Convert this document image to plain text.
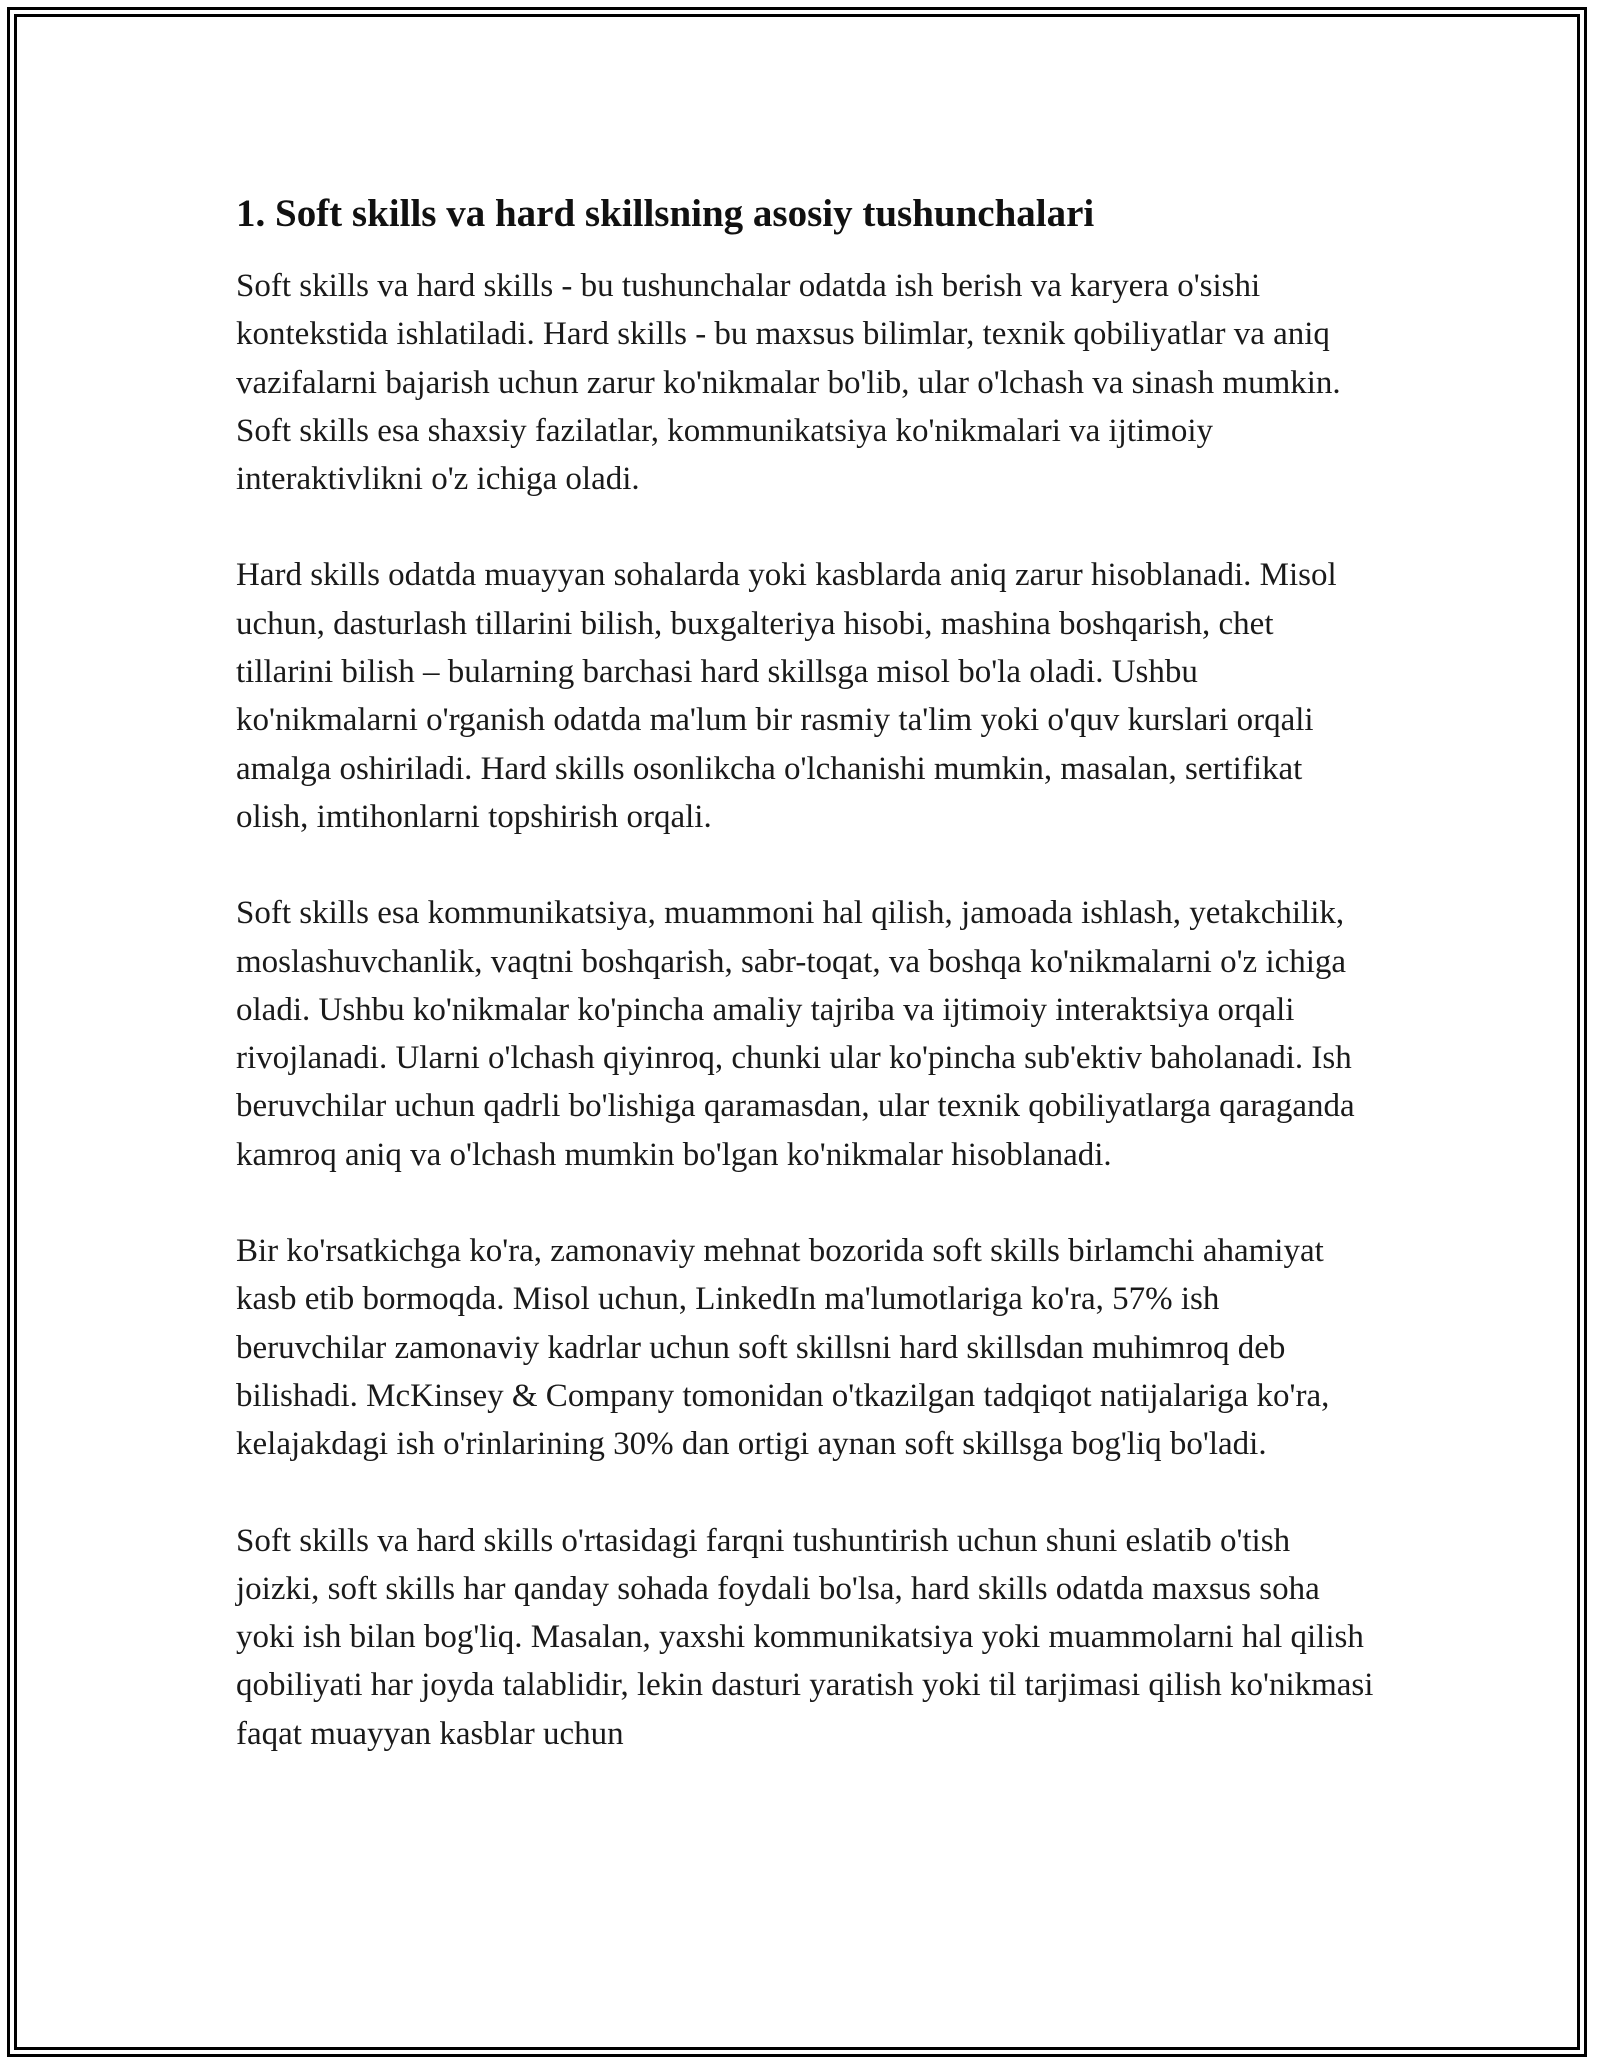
1. Soft skills va hard skillsning asosiy tushunchalari

Soft skills va hard skills - bu tushunchalar odatda ish berish va karyera o'sishi kontekstida ishlatiladi. Hard skills - bu maxsus bilimlar, texnik qobiliyatlar va aniq vazifalarni bajarish uchun zarur ko'nikmalar bo'lib, ular o'lchash va sinash mumkin. Soft skills esa shaxsiy fazilatlar, kommunikatsiya ko'nikmalari va ijtimoiy interaktivlikni o'z ichiga oladi.

Hard skills odatda muayyan sohalarda yoki kasblarda aniq zarur hisoblanadi. Misol uchun, dasturlash tillarini bilish, buxgalteriya hisobi, mashina boshqarish, chet tillarini bilish – bularning barchasi hard skillsga misol bo'la oladi. Ushbu ko'nikmalarni o'rganish odatda ma'lum bir rasmiy ta'lim yoki o'quv kurslari orqali amalga oshiriladi. Hard skills osonlikcha o'lchanishi mumkin, masalan, sertifikat olish, imtihonlarni topshirish orqali.

Soft skills esa kommunikatsiya, muammoni hal qilish, jamoada ishlash, yetakchilik, moslashuvchanlik, vaqtni boshqarish, sabr-toqat, va boshqa ko'nikmalarni o'z ichiga oladi. Ushbu ko'nikmalar ko'pincha amaliy tajriba va ijtimoiy interaktsiya orqali rivojlanadi. Ularni o'lchash qiyinroq, chunki ular ko'pincha sub'ektiv baholanadi. Ish beruvchilar uchun qadrli bo'lishiga qaramasdan, ular texnik qobiliyatlarga qaraganda kamroq aniq va o'lchash mumkin bo'lgan ko'nikmalar hisoblanadi.

Bir ko'rsatkichga ko'ra, zamonaviy mehnat bozorida soft skills birlamchi ahamiyat kasb etib bormoqda. Misol uchun, LinkedIn ma'lumotlariga ko'ra, 57% ish beruvchilar zamonaviy kadrlar uchun soft skillsni hard skillsdan muhimroq deb bilishadi. McKinsey & Company tomonidan o'tkazilgan tadqiqot natijalariga ko'ra, kelajakdagi ish o'rinlarining 30% dan ortigi aynan soft skillsga bog'liq bo'ladi.

Soft skills va hard skills o'rtasidagi farqni tushuntirish uchun shuni eslatib o'tish joizki, soft skills har qanday sohada foydali bo'lsa, hard skills odatda maxsus soha yoki ish bilan bog'liq. Masalan, yaxshi kommunikatsiya yoki muammolarni hal qilish qobiliyati har joyda talablidir, lekin dasturi yaratish yoki til tarjimasi qilish ko'nikmasi faqat muayyan kasblar uchun
